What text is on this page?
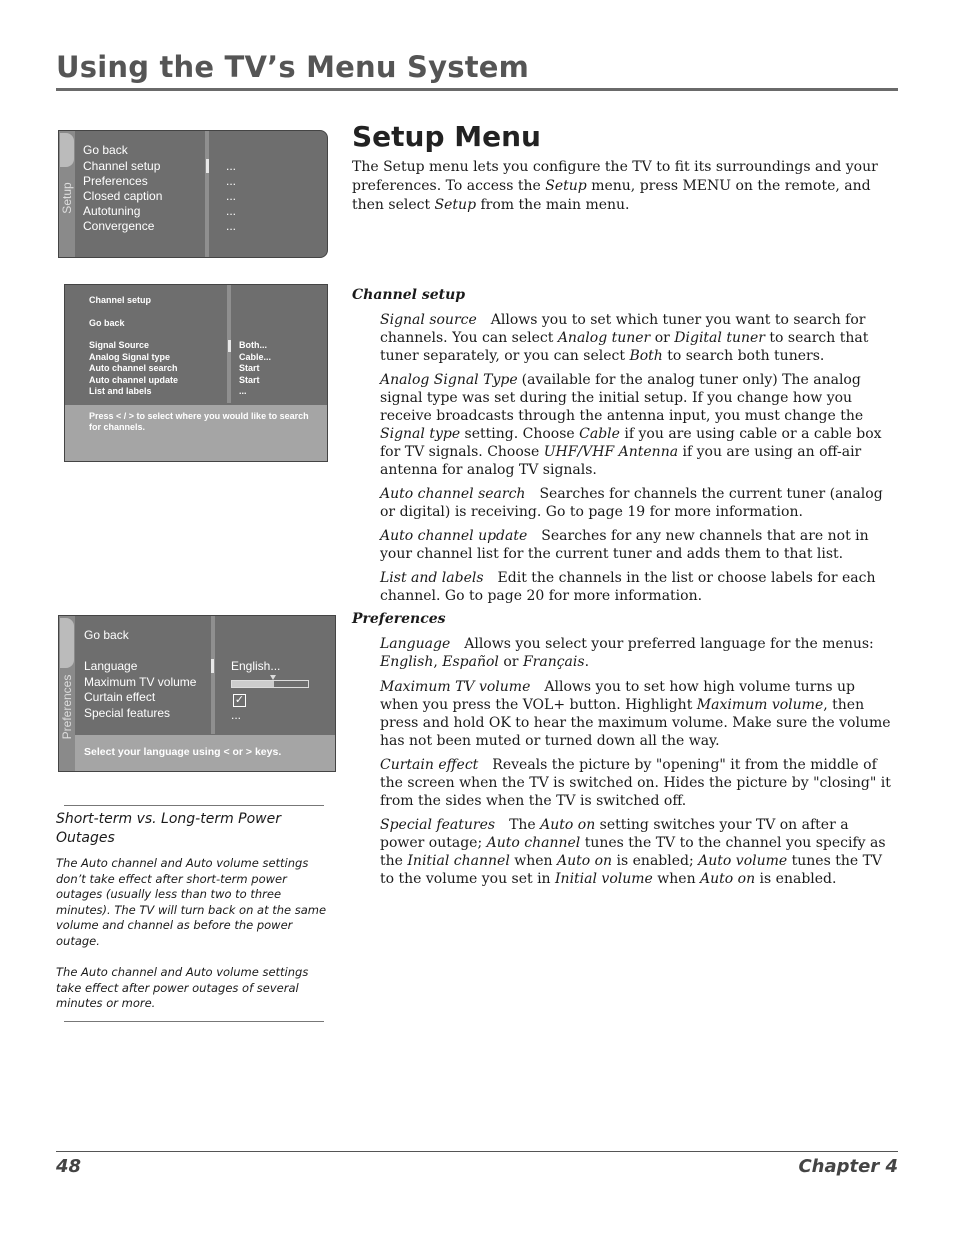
Using the TV’s Menu System
Setup Menu
The Setup menu lets you configure the TV to fit its surroundings and your preferences. To access the Setup menu, press MENU on the remote, and then select Setup from the main menu.
Setup
Go back
Channel setup
Preferences
Closed caption
Autotuning
Convergence
...
...
...
...
...
Channel setup
Go back
Signal Source
Analog Signal type
Auto channel search
Auto channel update
List and labels
Both...
Cable...
Start
Start
...
Press < / > to select where you would like to search for channels.
Preferences
Go back
Language
Maximum TV volume
Curtain effect
Special features
English...
✓
...
Select your language using < or > keys.
Channel setup
Signal source Allows you to set which tuner you want to search for channels. You can select Analog tuner or Digital tuner to search that tuner separately, or you can select Both to search both tuners.
Analog Signal Type (available for the analog tuner only) The analog signal type was set during the initial setup. If you change how you receive broadcasts through the antenna input, you must change the Signal type setting. Choose Cable if you are using cable or a cable box for TV signals. Choose UHF/VHF Antenna if you are using an off-air antenna for analog TV signals.
Auto channel search Searches for channels the current tuner (analog or digital) is receiving. Go to page 19 for more information.
Auto channel update Searches for any new channels that are not in your channel list for the current tuner and adds them to that list.
List and labels Edit the channels in the list or choose labels for each channel. Go to page 20 for more information.
Preferences
Language Allows you select your preferred language for the menus: English, Español or Français.
Maximum TV volume Allows you to set how high volume turns up when you press the VOL+ button. Highlight Maximum volume, then press and hold OK to hear the maximum volume. Make sure the volume has not been muted or turned down all the way.
Curtain effect Reveals the picture by "opening" it from the middle of the screen when the TV is switched on. Hides the picture by "closing" it from the sides when the TV is switched off.
Special features The Auto on setting switches your TV on after a power outage; Auto channel tunes the TV to the channel you specify as the Initial channel when Auto on is enabled; Auto volume tunes the TV to the volume you set in Initial volume when Auto on is enabled.
Short-term vs. Long-term Power Outages
The Auto channel and Auto volume settings don’t take effect after short-term power outages (usually less than two to three minutes). The TV will turn back on at the same volume and channel as before the power outage.
The Auto channel and Auto volume settings take effect after power outages of several minutes or more.
48	Chapter 4
